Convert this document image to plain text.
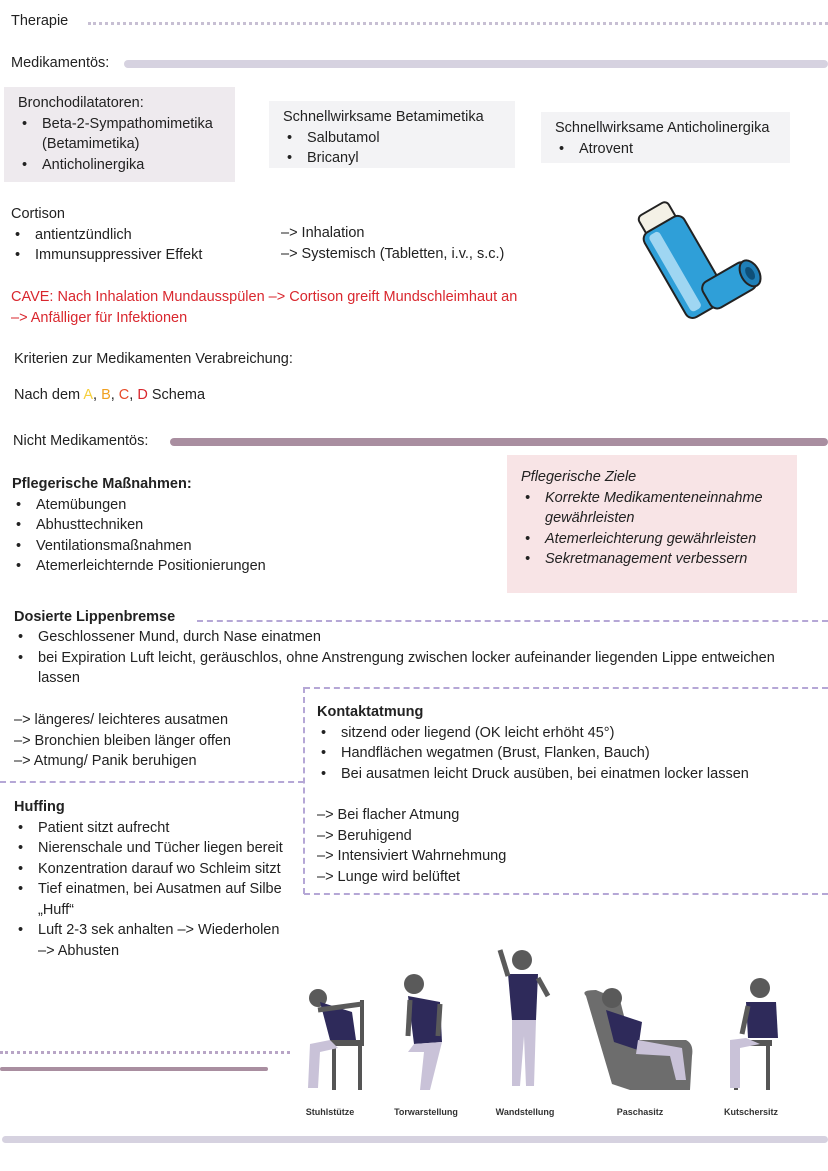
Therapie
Medikamentös:
Bronchodilatatoren:
• Beta-2-Sympathomimetika (Betamimetika)
• Anticholinergika
Schnellwirksame Betamimetika
• Salbutamol
• Bricanyl
Schnellwirksame Anticholinergika
• Atrovent
Cortison
• antientzündlich
• Immunsuppressiver Effekt
–> Inhalation
–> Systemisch (Tabletten, i.v., s.c.)
CAVE: Nach Inhalation Mundausspülen –> Cortison greift Mundschleimhaut an
–> Anfälliger für Infektionen
Kriterien zur Medikamenten Verabreichung:
Nach dem A, B, C, D Schema
Nicht Medikamentös:
Pflegerische Maßnahmen:
• Atemübungen
• Abhusttechniken
• Ventilationsmaßnahmen
• Atemerleichternde Positionierungen
Pflegerische Ziele
• Korrekte Medikamenteneinnahme gewährleisten
• Atemerleichterung gewährleisten
• Sekretmanagement verbessern
Dosierte Lippenbremse
• Geschlossener Mund, durch Nase einatmen
• bei Expiration Luft leicht, geräuschlos, ohne Anstrengung zwischen locker aufeinander liegenden Lippe entweichen lassen
–> längeres/ leichteres ausatmen
–> Bronchien bleiben länger offen
–> Atmung/ Panik beruhigen
Kontaktatmung
• sitzend oder liegend (OK leicht erhöht 45°)
• Handflächen wegatmen (Brust, Flanken, Bauch)
• Bei ausatmen leicht Druck ausüben, bei einatmen locker lassen
–> Bei flacher Atmung
–> Beruhigend
–> Intensiviert Wahrnehmung
–> Lunge wird belüftet
Huffing
• Patient sitzt aufrecht
• Nierenschale und Tücher liegen bereit
• Konzentration darauf wo Schleim sitzt
• Tief einatmen, bei Ausatmen auf Silbe „Huff“
• Luft 2-3 sek anhalten –> Wiederholen –> Abhusten
Stuhlstütze	Torwarstellung	Wandstellung	Paschasitz	Kutschersitz
